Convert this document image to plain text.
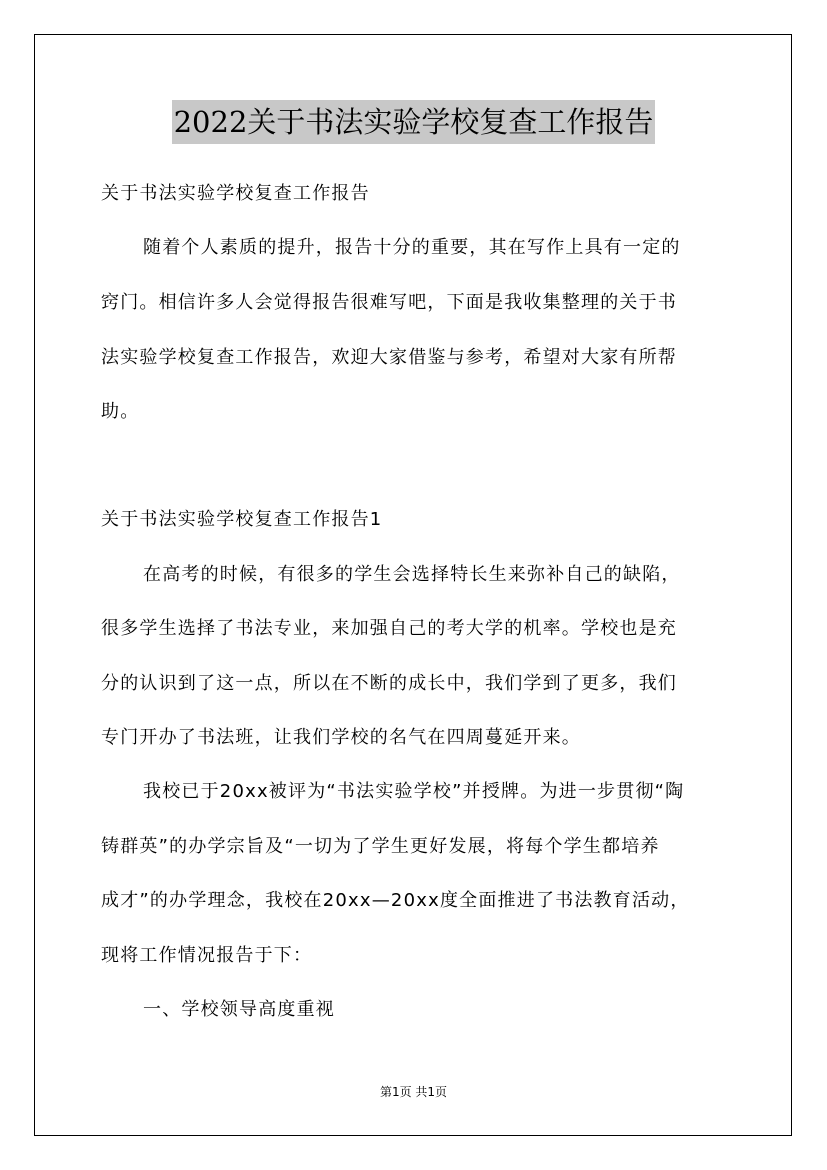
2022关于书法实验学校复查工作报告
关于书法实验学校复查工作报告
随着个人素质的提升，报告十分的重要，其在写作上具有一定的
窍门。相信许多人会觉得报告很难写吧，下面是我收集整理的关于书
法实验学校复查工作报告，欢迎大家借鉴与参考，希望对大家有所帮
助。
关于书法实验学校复查工作报告1
在高考的时候，有很多的学生会选择特长生来弥补自己的缺陷，
很多学生选择了书法专业，来加强自己的考大学的机率。学校也是充
分的认识到了这一点，所以在不断的成长中，我们学到了更多，我们
专门开办了书法班，让我们学校的名气在四周蔓延开来。
我校已于20xx被评为“书法实验学校”并授牌。为进一步贯彻“陶
铸群英”的办学宗旨及“一切为了学生更好发展，将每个学生都培养
成才”的办学理念，我校在20xx—20xx度全面推进了书法教育活动，
现将工作情况报告于下：
一、学校领导高度重视
第1页 共1页
